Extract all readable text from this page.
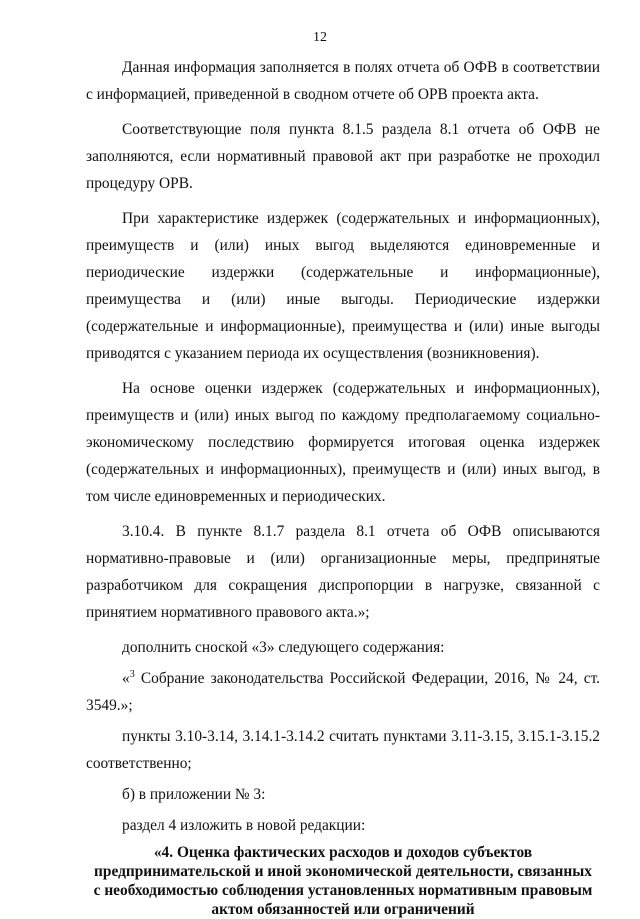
12

Данная информация заполняется в полях отчета об ОФВ в соответствии с информацией, приведенной в сводном отчете об ОРВ проекта акта.

Соответствующие поля пункта 8.1.5 раздела 8.1 отчета об ОФВ не заполняются, если нормативный правовой акт при разработке не проходил процедуру ОРВ.

При характеристике издержек (содержательных и информационных), преимуществ и (или) иных выгод выделяются единовременные и периодические издержки (содержательные и информационные), преимущества и (или) иные выгоды. Периодические издержки (содержательные и информационные), преимущества и (или) иные выгоды приводятся с указанием периода их осуществления (возникновения).

На основе оценки издержек (содержательных и информационных), преимуществ и (или) иных выгод по каждому предполагаемому социально-экономическому последствию формируется итоговая оценка издержек (содержательных и информационных), преимуществ и (или) иных выгод, в том числе единовременных и периодических.

3.10.4. В пункте 8.1.7 раздела 8.1 отчета об ОФВ описываются нормативно-правовые и (или) организационные меры, предпринятые разработчиком для сокращения диспропорции в нагрузке, связанной с принятием нормативного правового акта.»;

дополнить сноской «3» следующего содержания:

«$^3$ Собрание законодательства Российской Федерации, 2016, № 24, ст. 3549.»;

пункты 3.10-3.14, 3.14.1-3.14.2 считать пунктами 3.11-3.15, 3.15.1-3.15.2 соответственно;

б) в приложении № 3:

раздел 4 изложить в новой редакции:

«4. Оценка фактических расходов и доходов субъектов
предпринимательской и иной экономической деятельности, связанных
с необходимостью соблюдения установленных нормативным правовым
актом обязанностей или ограничений
